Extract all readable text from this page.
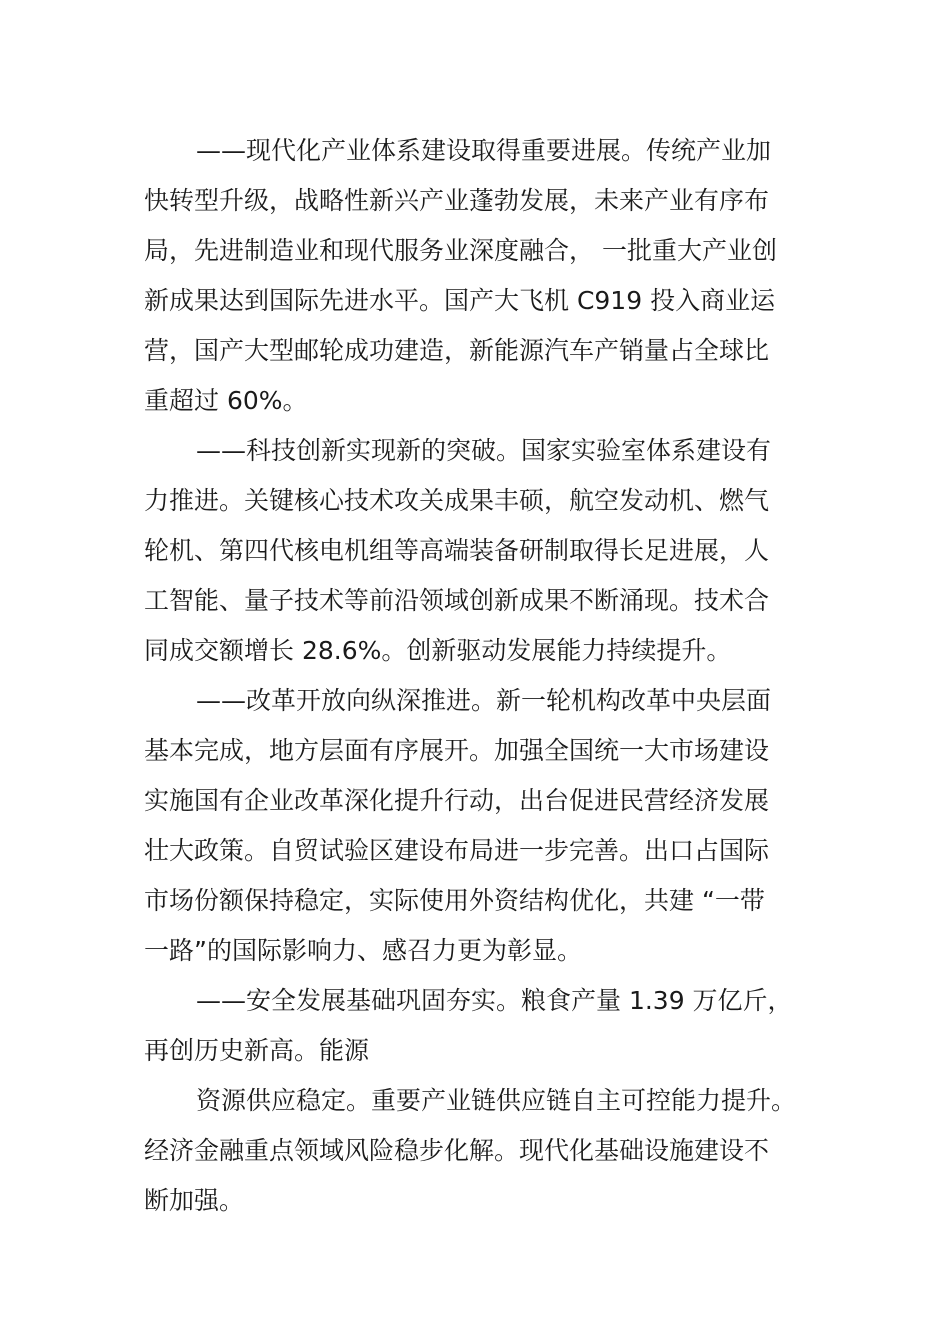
——现代化产业体系建设取得重要进展。传统产业加
快转型升级，战略性新兴产业蓬勃发展，未来产业有序布
局，先进制造业和现代服务业深度融合， 一批重大产业创
新成果达到国际先进水平。国产大飞机 C919 投入商业运
营，国产大型邮轮成功建造，新能源汽车产销量占全球比
重超过 60%。
——科技创新实现新的突破。国家实验室体系建设有
力推进。关键核心技术攻关成果丰硕，航空发动机、燃气
轮机、第四代核电机组等高端装备研制取得长足进展，人
工智能、量子技术等前沿领域创新成果不断涌现。技术合
同成交额增长 28.6%。创新驱动发展能力持续提升。
——改革开放向纵深推进。新一轮机构改革中央层面
基本完成，地方层面有序展开。加强全国统一大市场建设
实施国有企业改革深化提升行动，出台促进民营经济发展
壮大政策。自贸试验区建设布局进一步完善。出口占国际
市场份额保持稳定，实际使用外资结构优化，共建 “一带
一路”的国际影响力、感召力更为彰显。
——安全发展基础巩固夯实。粮食产量 1.39 万亿斤，
再创历史新高。能源
资源供应稳定。重要产业链供应链自主可控能力提升。
经济金融重点领域风险稳步化解。现代化基础设施建设不
断加强。
